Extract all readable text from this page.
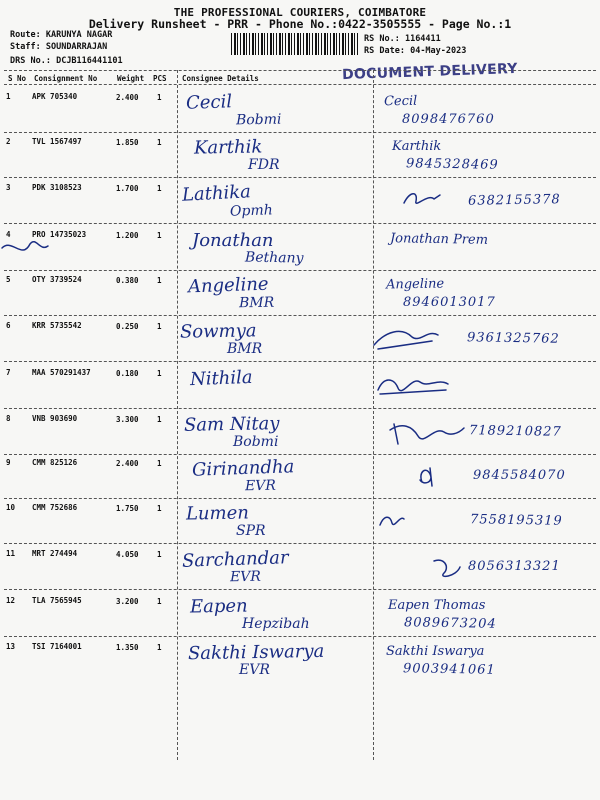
THE PROFESSIONAL COURIERS, COIMBATORE
Delivery Runsheet - PRR - Phone No.:0422-3505555 - Page No.:1
Route: KARUNYA NAGAR
Staff: SOUNDARRAJAN
DRS No.: DCJB116441101
RS No.: 1164411
RS Date: 04-May-2023
DOCUMENT DELIVERY
S No Consignment No	Weight PCS Consignee Details
1	APK 705340	2.400 1 Cecil
Bobmi
Cecil
8098476760
2	TVL 1567497	1.850 1 Karthik
FDR
Karthik
9845328469
3	PDK 3108523	1.700 1 Lathika
Opmh
6382155378
4	PRO 14735023	1.200 1 Jonathan
Bethany
Jonathan Prem
5	OTY 3739524	0.380 1 Angeline
BMR
Angeline
8946013017
6	KRR 5735542	0.250 1 Sowmya
BMR
9361325762
7	MAA 570291437	0.180 1 Nithila
8	VNB 903690	3.300 1 Sam Nitay
Bobmi
7189210827
9	CMM 825126	2.400 1 Girinandha
EVR
9845584070
10 CMM 752686	1.750 1 Lumen
SPR
7558195319
11 MRT 274494	4.050 1 Sarchandar
EVR
8056313321
12 TLA 7565945	3.200 1 Eapen
Hepzibah
Eapen Thomas
8089673204
13 TSI 7164001	1.350 1 Sakthi Iswarya
EVR
Sakthi Iswarya
9003941061
